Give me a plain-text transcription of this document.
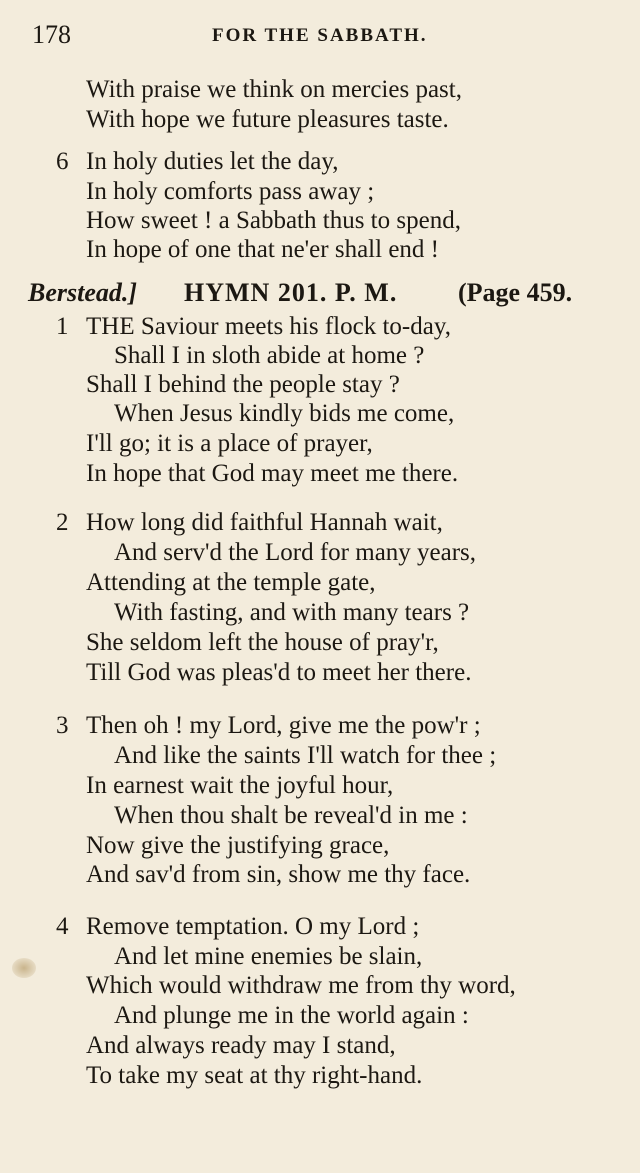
178	FOR THE SABBATH.
With praise we think on mercies past,
With hope we future pleasures taste.
6 In holy duties let the day,
In holy comforts pass away ;
How sweet ! a Sabbath thus to spend,
In hope of one that ne'er shall end !
Berstead.] HYMN 201. P. M. (Page 459.
1 THE Saviour meets his flock to-day,
Shall I in sloth abide at home ?
Shall I behind the people stay ?
When Jesus kindly bids me come,
I'll go; it is a place of prayer,
In hope that God may meet me there.
2 How long did faithful Hannah wait,
And serv'd the Lord for many years,
Attending at the temple gate,
With fasting, and with many tears ?
She seldom left the house of pray'r,
Till God was pleas'd to meet her there.
3 Then oh ! my Lord, give me the pow'r ;
And like the saints I'll watch for thee ;
In earnest wait the joyful hour,
When thou shalt be reveal'd in me :
Now give the justifying grace,
And sav'd from sin, show me thy face.
4 Remove temptation. O my Lord ;
And let mine enemies be slain,
Which would withdraw me from thy word,
And plunge me in the world again :
And always ready may I stand,
To take my seat at thy right-hand.
